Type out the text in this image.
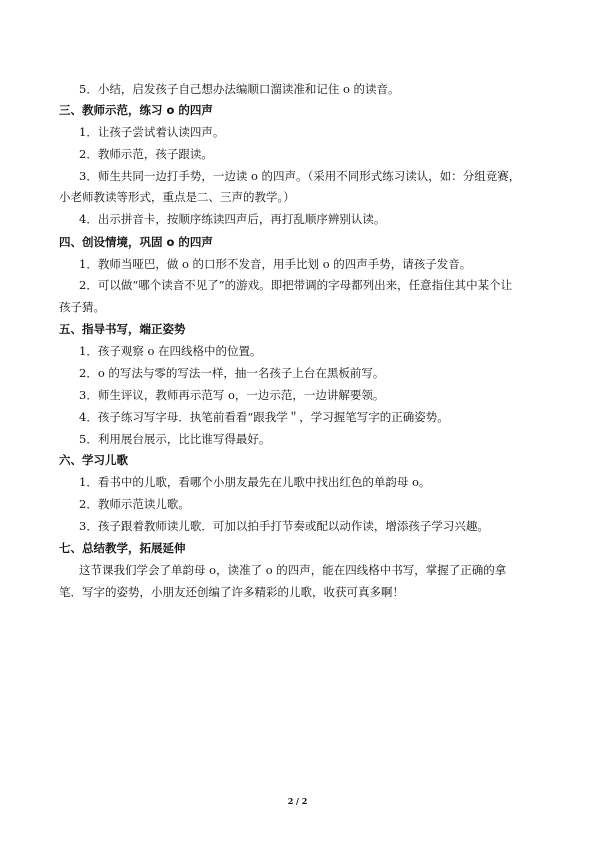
5．小结，启发孩子自己想办法编顺口溜读准和记住 o 的读音。
三、教师示范，练习 o 的四声
1．让孩子尝试着认读四声。
2．教师示范，孩子跟读。
3．师生共同一边打手势，一边读 o 的四声。（采用不同形式练习读认，如：分组竞赛，
小老师教读等形式，重点是二、三声的教学。）
4．出示拼音卡，按顺序练读四声后，再打乱顺序辨别认读。
四、创设情境，巩固 o 的四声
1．教师当哑巴，做 o 的口形不发音，用手比划 o 的四声手势，请孩子发音。
2．可以做“哪个读音不见了”的游戏。即把带调的字母都列出来，任意指住其中某个让
孩子猜。
五、指导书写，端正姿势
1．孩子观察 o 在四线格中的位置。
2．o 的写法与零的写法一样，抽一名孩子上台在黑板前写。
3．师生评议，教师再示范写 o，一边示范，一边讲解要领。
4．孩子练习写字母．执笔前看看“跟我学＂，学习握笔写字的正确姿势。
5．利用展台展示，比比谁写得最好。
六、学习儿歌
1．看书中的儿歌，看哪个小朋友最先在儿歌中找出红色的单韵母 o。
2．教师示范读儿歌。
3．孩子跟着教师读儿歌．可加以拍手打节奏或配以动作读，增添孩子学习兴趣。
七、总结教学，拓展延伸
这节课我们学会了单韵母 o，读准了 o 的四声，能在四线格中书写，掌握了正确的拿
笔．写字的姿势，小朋友还创编了许多精彩的儿歌，收获可真多啊！
2 / 2
